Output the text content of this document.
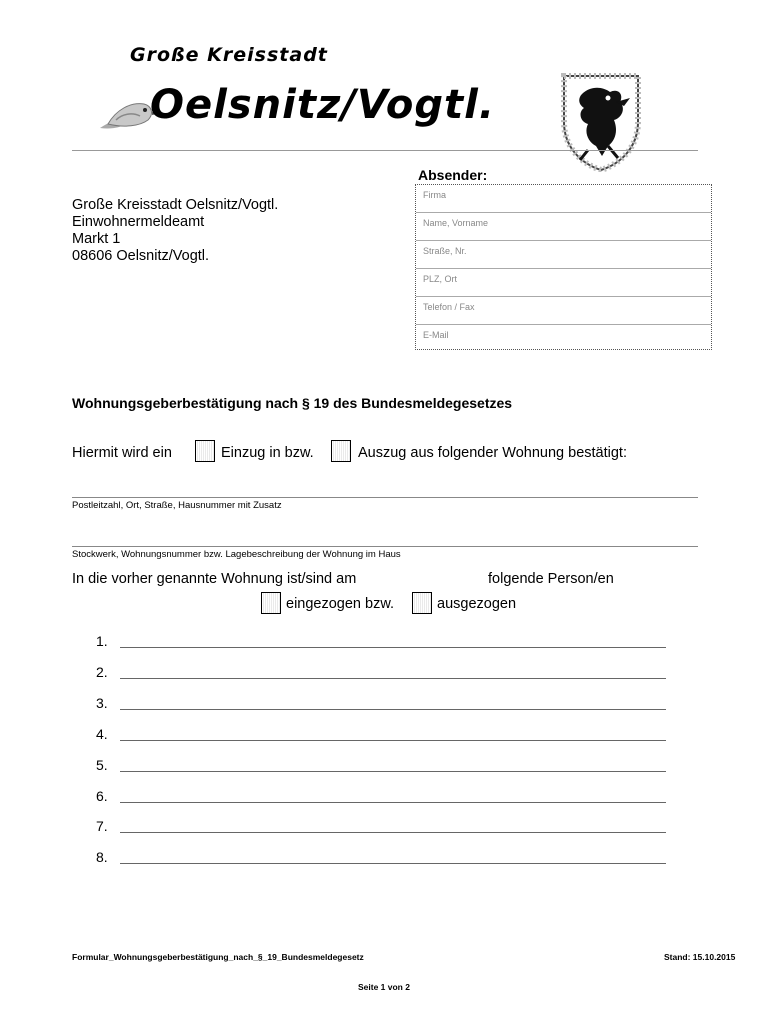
Große Kreisstadt
Oelsnitz/Vogtl.
Große Kreisstadt Oelsnitz/Vogtl.
Einwohnermeldeamt
Markt 1
08606 Oelsnitz/Vogtl.
Absender:
Firma
Name, Vorname
Straße, Nr.
PLZ, Ort
Telefon / Fax
E-Mail
Wohnungsgeberbestätigung nach § 19 des Bundesmeldegesetzes
Hiermit wird ein	Einzug in bzw.	Auszug aus folgender Wohnung bestätigt:
Postleitzahl, Ort, Straße, Hausnummer mit Zusatz
Stockwerk, Wohnungsnummer bzw. Lagebeschreibung der Wohnung im Haus
In die vorher genannte Wohnung ist/sind am	folgende Person/en
eingezogen bzw.	ausgezogen
1.
2.
3.
4.
5.
6.
7.
8.
Formular_Wohnungsgeberbestätigung_nach_§_19_Bundesmeldegesetz	Stand: 15.10.2015
Seite 1 von 2
